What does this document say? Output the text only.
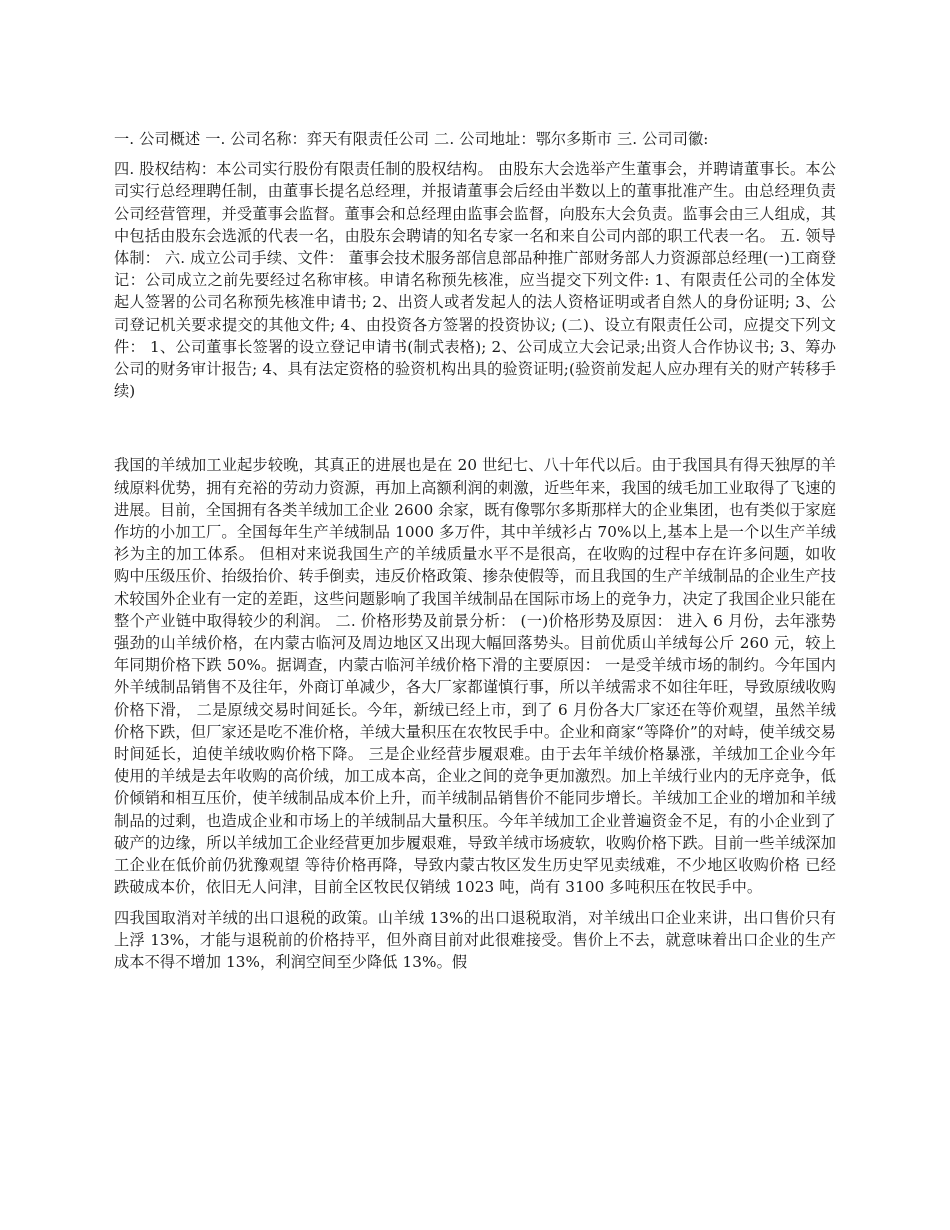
一. 公司概述 一. 公司名称：弈天有限责任公司 二. 公司地址：鄂尔多斯市 三. 公司司徽:

四. 股权结构：本公司实行股份有限责任制的股权结构。 由股东大会选举产生董事会，并聘请董事长。本公司实行总经理聘任制，由董事长提名总经理，并报请董事会后经由半数以上的董事批准产生。由总经理负责公司经营管理，并受董事会监督。董事会和总经理由监事会监督，向股东大会负责。监事会由三人组成，其中包括由股东会选派的代表一名，由股东会聘请的知名专家一名和来自公司内部的职工代表一名。 五. 领导体制： 六. 成立公司手续、文件： 董事会技术服务部信息部品种推广部财务部人力资源部总经理(一)工商登记：公司成立之前先要经过名称审核。申请名称预先核准，应当提交下列文件: 1、有限责任公司的全体发起人签署的公司名称预先核准申请书; 2、出资人或者发起人的法人资格证明或者自然人的身份证明; 3、公司登记机关要求提交的其他文件; 4、由投资各方签署的投资协议; (二)、设立有限责任公司，应提交下列文件： 1、公司董事长签署的设立登记申请书(制式表格); 2、公司成立大会记录;出资人合作协议书; 3、筹办公司的财务审计报告; 4、具有法定资格的验资机构出具的验资证明;(验资前发起人应办理有关的财产转移手续)

我国的羊绒加工业起步较晚，其真正的进展也是在 20 世纪七、八十年代以后。由于我国具有得天独厚的羊绒原料优势，拥有充裕的劳动力资源，再加上高额利润的刺激，近些年来，我国的绒毛加工业取得了飞速的进展。目前，全国拥有各类羊绒加工企业 2600 余家，既有像鄂尔多斯那样大的企业集团，也有类似于家庭作坊的小加工厂。全国每年生产羊绒制品 1000 多万件，其中羊绒衫占 70%以上,基本上是一个以生产羊绒衫为主的加工体系。 但相对来说我国生产的羊绒质量水平不是很高，在收购的过程中存在许多问题，如收购中压级压价、抬级抬价、转手倒卖，违反价格政策、掺杂使假等，而且我国的生产羊绒制品的企业生产技术较国外企业有一定的差距，这些问题影响了我国羊绒制品在国际市场上的竞争力，决定了我国企业只能在整个产业链中取得较少的利润。 二. 价格形势及前景分析： (一)价格形势及原因： 进入 6 月份，去年涨势强劲的山羊绒价格，在内蒙古临河及周边地区又出现大幅回落势头。目前优质山羊绒每公斤 260 元，较上年同期价格下跌 50%。据调查，内蒙古临河羊绒价格下滑的主要原因： 一是受羊绒市场的制约。今年国内外羊绒制品销售不及往年，外商订单减少，各大厂家都谨慎行事，所以羊绒需求不如往年旺，导致原绒收购价格下滑， 二是原绒交易时间延长。今年，新绒已经上市，到了 6 月份各大厂家还在等价观望，虽然羊绒价格下跌，但厂家还是吃不准价格，羊绒大量积压在农牧民手中。企业和商家“等降价”的对峙，使羊绒交易时间延长，迫使羊绒收购价格下降。 三是企业经营步履艰难。由于去年羊绒价格暴涨，羊绒加工企业今年使用的羊绒是去年收购的高价绒，加工成本高，企业之间的竞争更加激烈。加上羊绒行业内的无序竞争，低价倾销和相互压价，使羊绒制品成本价上升，而羊绒制品销售价不能同步增长。羊绒加工企业的增加和羊绒制品的过剩，也造成企业和市场上的羊绒制品大量积压。今年羊绒加工企业普遍资金不足，有的小企业到了破产的边缘，所以羊绒加工企业经营更加步履艰难，导致羊绒市场疲软，收购价格下跌。目前一些羊绒深加工企业在低价前仍犹豫观望 等待价格再降，导致内蒙古牧区发生历史罕见卖绒难，不少地区收购价格 已经跌破成本价，依旧无人问津，目前全区牧民仅销绒 1023 吨，尚有 3100 多吨积压在牧民手中。

四我国取消对羊绒的出口退税的政策。山羊绒 13%的出口退税取消，对羊绒出口企业来讲，出口售价只有上浮 13%，才能与退税前的价格持平，但外商目前对此很难接受。售价上不去，就意味着出口企业的生产成本不得不增加 13%，利润空间至少降低 13%。假
